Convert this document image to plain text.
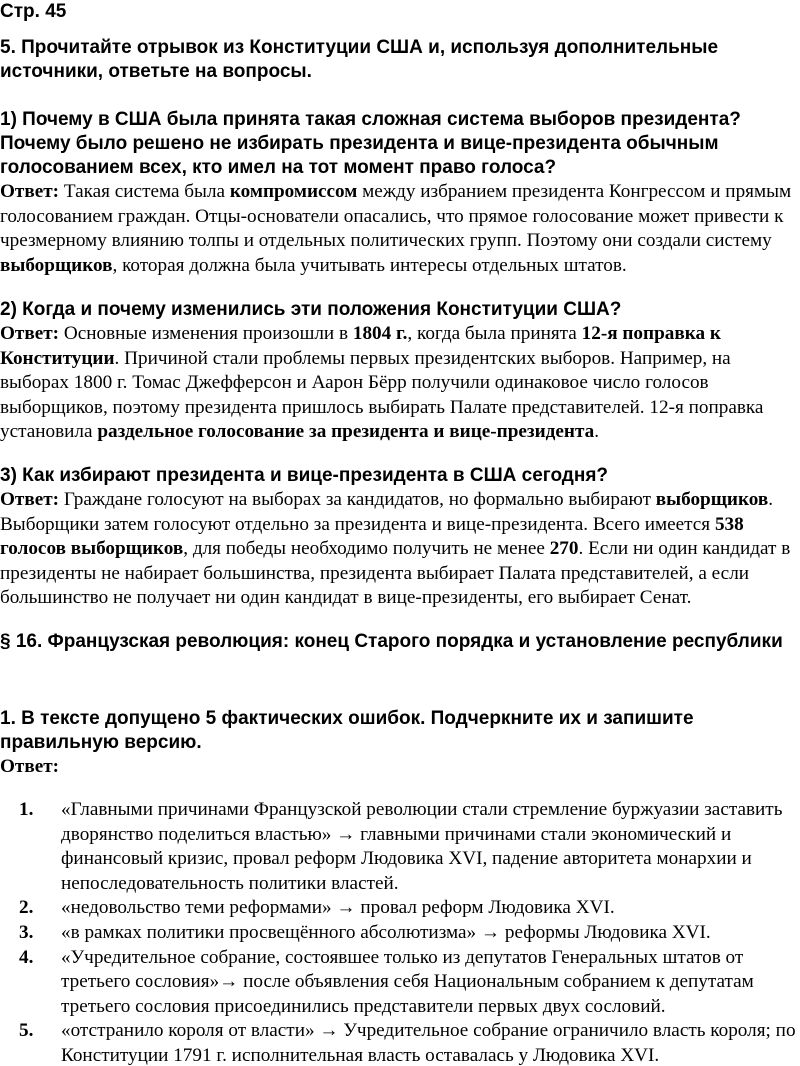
Стр. 45

5. Прочитайте отрывок из Конституции США и, используя дополнительные источники, ответьте на вопросы.

1) Почему в США была принята такая сложная система выборов президента? Почему было решено не избирать президента и вице-президента обычным голосованием всех, кто имел на тот момент право голоса?

Ответ: Такая система была компромиссом между избранием президента Конгрессом и прямым голосованием граждан. Отцы-основатели опасались, что прямое голосование может привести к чрезмерному влиянию толпы и отдельных политических групп. Поэтому они создали систему выборщиков, которая должна была учитывать интересы отдельных штатов.

2) Когда и почему изменились эти положения Конституции США?

Ответ: Основные изменения произошли в 1804 г., когда была принята 12-я поправка к Конституции. Причиной стали проблемы первых президентских выборов. Например, на выборах 1800 г. Томас Джефферсон и Аарон Бёрр получили одинаковое число голосов выборщиков, поэтому президента пришлось выбирать Палате представителей. 12-я поправка установила раздельное голосование за президента и вице-президента.

3) Как избирают президента и вице-президента в США сегодня?

Ответ: Граждане голосуют на выборах за кандидатов, но формально выбирают выборщиков. Выборщики затем голосуют отдельно за президента и вице-президента. Всего имеется 538 голосов выборщиков, для победы необходимо получить не менее 270. Если ни один кандидат в президенты не набирает большинства, президента выбирает Палата представителей, а если большинство не получает ни один кандидат в вице-президенты, его выбирает Сенат.

§ 16. Французская революция: конец Старого порядка и установление республики

1. В тексте допущено 5 фактических ошибок. Подчеркните их и запишите правильную версию.

Ответ:

1. «Главными причинами Французской революции стали стремление буржуазии заставить дворянство поделиться властью» → главными причинами стали экономический и финансовый кризис, провал реформ Людовика XVI, падение авторитета монархии и непоследовательность политики властей.
2. «недовольство теми реформами» → провал реформ Людовика XVI.
3. «в рамках политики просвещённого абсолютизма» → реформы Людовика XVI.
4. «Учредительное собрание, состоявшее только из депутатов Генеральных штатов от третьего сословия»→ после объявления себя Национальным собранием к депутатам третьего сословия присоединились представители первых двух сословий.
5. «отстранило короля от власти» → Учредительное собрание ограничило власть короля; по Конституции 1791 г. исполнительная власть оставалась у Людовика XVI.
